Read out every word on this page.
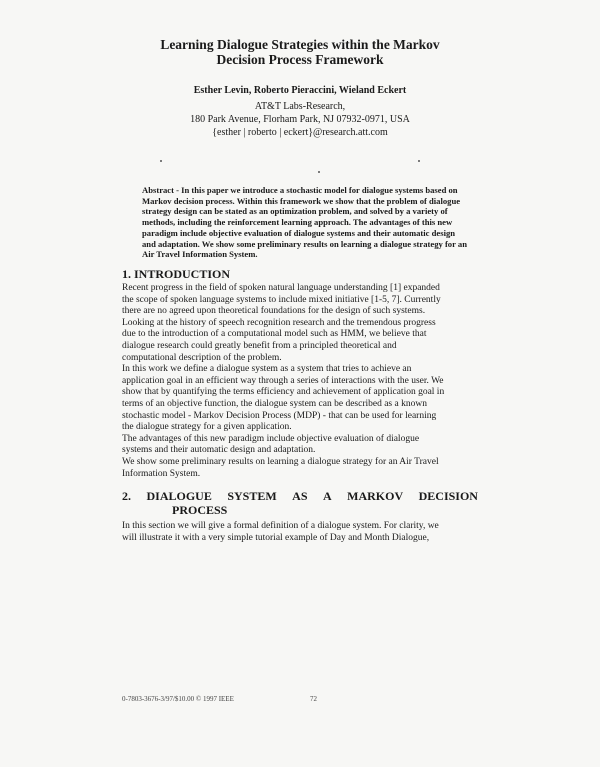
Learning Dialogue Strategies within the Markov
Decision Process Framework
Esther Levin, Roberto Pieraccini, Wieland Eckert
AT&T Labs-Research,
180 Park Avenue, Florham Park, NJ 07932-0971, USA
{esther | roberto | eckert}@research.att.com
Abstract - In this paper we introduce a stochastic model for dialogue systems based on
Markov decision process. Within this framework we show that the problem of dialogue
strategy design can be stated as an optimization problem, and solved by a variety of
methods, including the reinforcement learning approach. The advantages of this new
paradigm include objective evaluation of dialogue systems and their automatic design
and adaptation. We show some preliminary results on learning a dialogue strategy for an
Air Travel Information System.
1. INTRODUCTION
Recent progress in the field of spoken natural language understanding [1] expanded
the scope of spoken language systems to include mixed initiative [1-5, 7]. Currently
there are no agreed upon theoretical foundations for the design of such systems.
Looking at the history of speech recognition research and the tremendous progress
due to the introduction of a computational model such as HMM, we believe that
dialogue research could greatly benefit from a principled theoretical and
computational description of the problem.
In this work we define a dialogue system as a system that tries to achieve an
application goal in an efficient way through a series of interactions with the user. We
show that by quantifying the terms efficiency and achievement of application goal in
terms of an objective function, the dialogue system can be described as a known
stochastic model - Markov Decision Process (MDP) - that can be used for learning
the dialogue strategy for a given application.
The advantages of this new paradigm include objective evaluation of dialogue
systems and their automatic design and adaptation.
We show some preliminary results on learning a dialogue strategy for an Air Travel
Information System.
2. DIALOGUE SYSTEM AS A MARKOV DECISION
PROCESS
In this section we will give a formal definition of a dialogue system. For clarity, we
will illustrate it with a very simple tutorial example of Day and Month Dialogue,
0-7803-3676-3/97/$10.00 © 1997 IEEE	72
